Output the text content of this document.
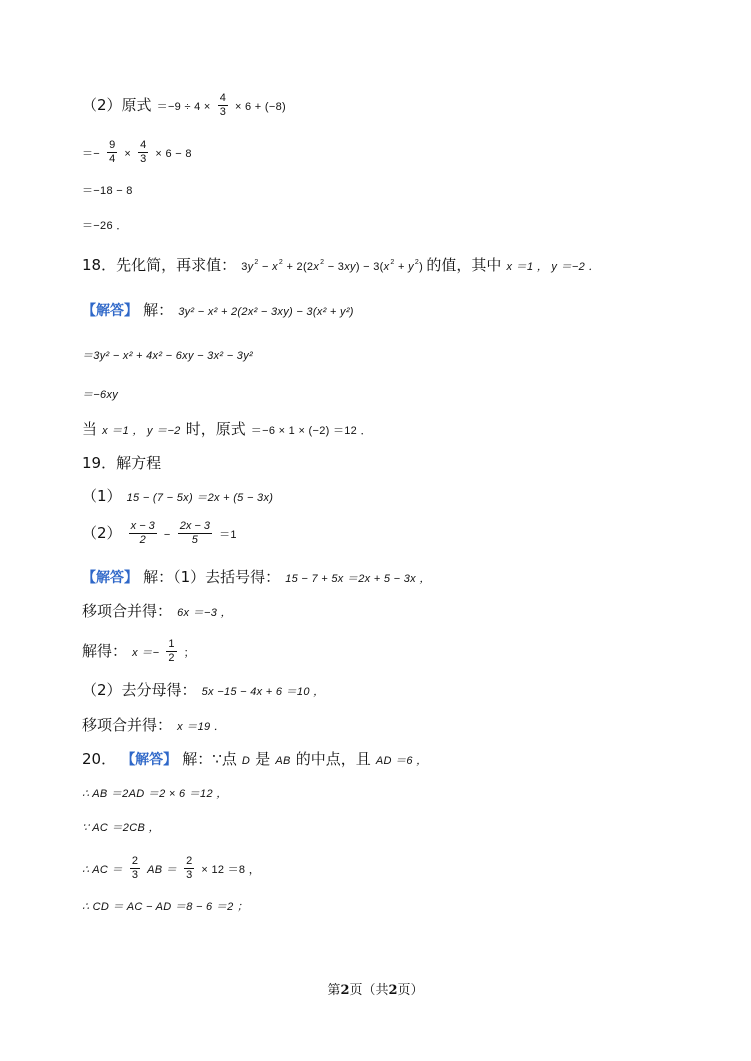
（2）原式 $=-9 \div 4 \times \frac{4}{3} \times 6 + (-8)$
＝− $\frac{9}{4} \times \frac{4}{3} \times 6 - 8$
＝−18 − 8
＝−26 ．
18．先化简，再求值： $3y^2 - x^2 + 2(2x^2 - 3xy) - 3(x^2 + y^2)$ 的值，其中 x ＝1 ， y ＝−2 ．
【解答】 解： 3y² − x² + 2(2x² − 3xy) − 3(x² + y²)
＝3y² − x² + 4x² − 6xy − 3x² − 3y²
＝−6xy
当 x ＝1 ， y ＝−2 时，原式 ＝−6 × 1 × (−2) ＝12 ．
19．解方程
（1） 15 − (7 − 5x) ＝2x + (5 − 3x)
$(2) \frac{x - 3}{2} - \frac{2x - 3}{5} =1$
【解答】 解：（1）去括号得： 15 − 7 + 5x ＝2x + 5 − 3x ，
移项合并得： 6x ＝−3 ，
解得： $x =- \frac{1}{2}$ ；
（2）去分母得： 5x −15 − 4x + 6 ＝10 ，
移项合并得： x ＝19 ．
20． 【解答】 解：∵点 D 是 AB 的中点，且 AD ＝6 ，
∴ AB ＝2AD ＝2 × 6 ＝12 ，
∵ AC ＝2CB ，
∴ AC ＝ $\frac{2}{3}$ AB ＝ $\frac{2}{3} \times 12 =8$ ，
∴ CD ＝ AC − AD ＝8 − 6 ＝2 ；
第2页（共2页）
